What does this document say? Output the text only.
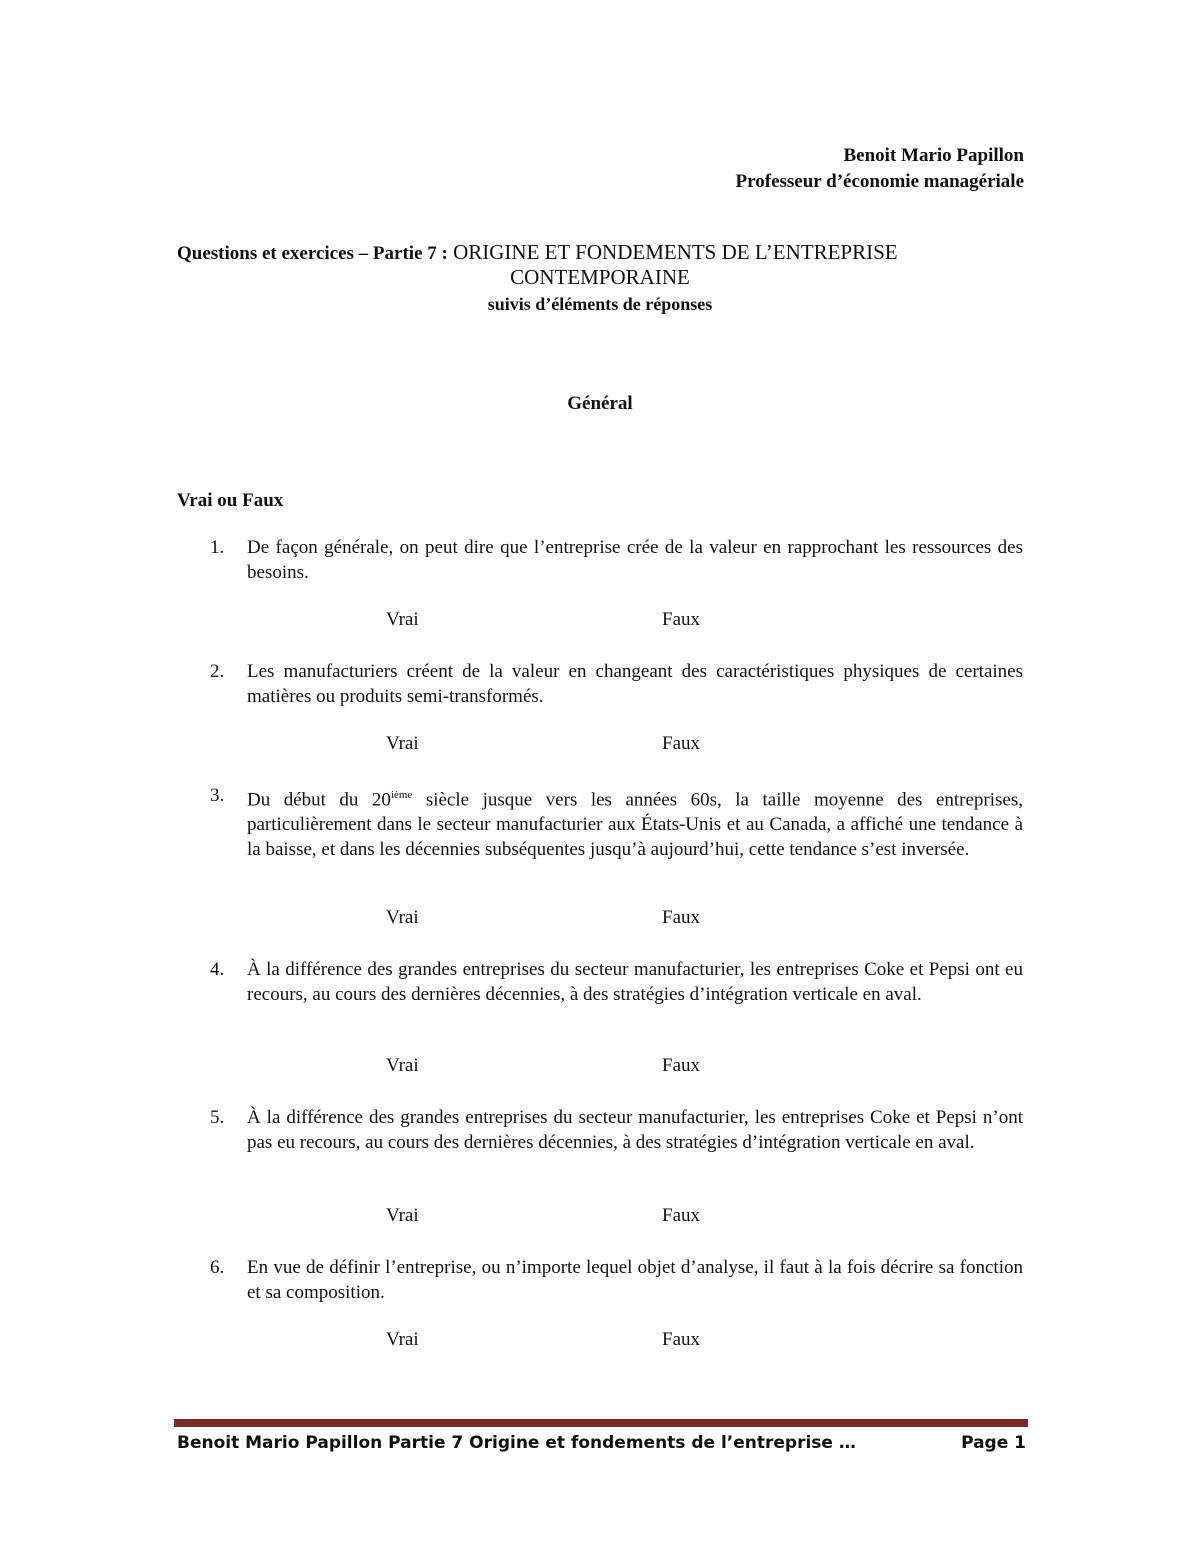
Benoit Mario Papillon
Professeur d’économie managériale
Questions et exercices – Partie 7 : ORIGINE ET FONDEMENTS DE L’ENTREPRISE
CONTEMPORAINE
suivis d’éléments de réponses
Général
Vrai ou Faux
1. De façon générale, on peut dire que l’entreprise crée de la valeur en rapprochant les ressources des besoins.
Vrai	Faux
2. Les manufacturiers créent de la valeur en changeant des caractéristiques physiques de certaines matières ou produits semi-transformés.
Vrai	Faux
3. Du début du 20ième siècle jusque vers les années 60s, la taille moyenne des entreprises, particulièrement dans le secteur manufacturier aux États-Unis et au Canada, a affiché une tendance à la baisse, et dans les décennies subséquentes jusqu’à aujourd’hui, cette tendance s’est inversée.
Vrai	Faux
4. À la différence des grandes entreprises du secteur manufacturier, les entreprises Coke et Pepsi ont eu recours, au cours des dernières décennies, à des stratégies d’intégration verticale en aval.
Vrai	Faux
5. À la différence des grandes entreprises du secteur manufacturier, les entreprises Coke et Pepsi n’ont pas eu recours, au cours des dernières décennies, à des stratégies d’intégration verticale en aval.
Vrai	Faux
6. En vue de définir l’entreprise, ou n’importe lequel objet d’analyse, il faut à la fois décrire sa fonction et sa composition.
Vrai	Faux
Benoit Mario Papillon Partie 7 Origine et fondements de l’entreprise …	Page 1
